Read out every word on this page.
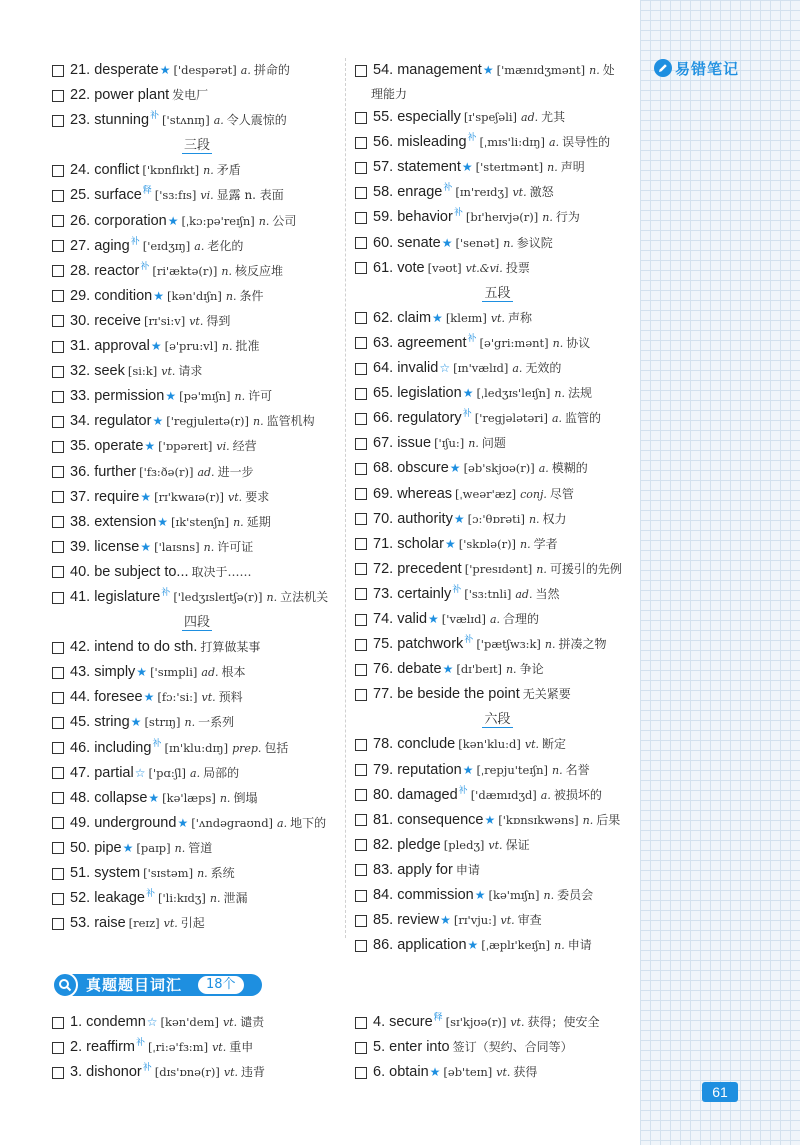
易错笔记
21.
desperate ★ ['despərət] a. 拼命的
22.
power plant 发电厂
23.
stunning 补 ['stʌnɪŋ] a. 令人震惊的
三段
24.
conflict ['kɒnflɪkt] n. 矛盾
25.
surface 释 ['sɜ:fɪs] vi. 显露 n. 表面
26.
corporation ★ [ˌkɔ:pə'reɪʃn] n. 公司
27.
aging 补 ['eɪdʒɪŋ] a. 老化的
28.
reactor 补 [ri'æktə(r)] n. 核反应堆
29.
condition ★ [kən'dɪʃn] n. 条件
30.
receive [rɪ'si:v] vt. 得到
31.
approval ★ [ə'pru:vl] n. 批准
32.
seek [si:k] vt. 请求
33.
permission ★ [pə'mɪʃn] n. 许可
34.
regulator ★ ['regjuleɪtə(r)] n. 监管机构
35.
operate ★ ['ɒpəreɪt] vi. 经营
36.
further ['fɜ:ðə(r)] ad. 进一步
37.
require ★ [rɪ'kwaɪə(r)] vt. 要求
38.
extension ★ [ɪk'stenʃn] n. 延期
39.
license ★ ['laɪsns] n. 许可证
40.
be subject to... 取决于……
41.
legislature 补 ['ledʒɪsleɪtʃə(r)] n. 立法机关
四段
42.
intend to do sth. 打算做某事
43.
simply ★ ['sɪmpli] ad. 根本
44.
foresee ★ [fɔ:'si:] vt. 预料
45.
string ★ [strɪŋ] n. 一系列
46.
including 补 [ɪn'klu:dɪŋ] prep. 包括
47.
partial ☆ ['pɑ:ʃl] a. 局部的
48.
collapse ★ [kə'læps] n. 倒塌
49.
underground ★ ['ʌndəgraʊnd] a. 地下的
50.
pipe ★ [paɪp] n. 管道
51.
system ['sɪstəm] n. 系统
52.
leakage 补 ['li:kɪdʒ] n. 泄漏
53.
raise [reɪz] vt. 引起
54.
management ★ ['mænɪdʒmənt] n. 处
理能力
55.
especially [ɪ'speʃəli] ad. 尤其
56.
misleading 补 [ˌmɪs'li:dɪŋ] a. 误导性的
57.
statement ★ ['steɪtmənt] n. 声明
58.
enrage 补 [ɪn'reɪdʒ] vt. 激怒
59.
behavior 补 [bɪ'heɪvjə(r)] n. 行为
60.
senate ★ ['senət] n. 参议院
61.
vote [vəʊt] vt.&vi. 投票
五段
62.
claim ★ [kleɪm] vt. 声称
63.
agreement 补 [ə'gri:mənt] n. 协议
64.
invalid ☆ [ɪn'vælɪd] a. 无效的
65.
legislation ★ [ˌledʒɪs'leɪʃn] n. 法规
66.
regulatory 补 ['regjələtəri] a. 监管的
67.
issue ['ɪʃu:] n. 问题
68.
obscure ★ [əb'skjʊə(r)] a. 模糊的
69.
whereas [ˌweər'æz] conj. 尽管
70.
authority ★ [ɔ:'θɒrəti] n. 权力
71.
scholar ★ ['skɒlə(r)] n. 学者
72.
precedent ['presɪdənt] n. 可援引的先例
73.
certainly 补 ['sɜ:tnli] ad. 当然
74.
valid ★ ['vælɪd] a. 合理的
75.
patchwork 补 ['pætʃwɜ:k] n. 拼凑之物
76.
debate ★ [dɪ'beɪt] n. 争论
77.
be beside the point 无关紧要
六段
78.
conclude [kən'klu:d] vt. 断定
79.
reputation ★ [ˌrepju'teɪʃn] n. 名誉
80.
damaged 补 ['dæmɪdʒd] a. 被损坏的
81.
consequence ★ ['kɒnsɪkwəns] n. 后果
82.
pledge [pledʒ] vt. 保证
83.
apply for 申请
84.
commission ★ [kə'mɪʃn] n. 委员会
85.
review ★ [rɪ'vju:] vt. 审查
86.
application ★ [ˌæplɪ'keɪʃn] n. 申请
真题题目词汇	18个
1.
condemn ☆ [kən'dem] vt. 谴责
2.
reaffirm 补 [ˌri:ə'fɜ:m] vt. 重申
3.
dishonor 补 [dɪs'ɒnə(r)] vt. 违背
4.
secure 释 [sɪ'kjʊə(r)] vt. 获得；使安全
5.
enter into 签订（契约、合同等）
6.
obtain ★ [əb'teɪn] vt. 获得
61
